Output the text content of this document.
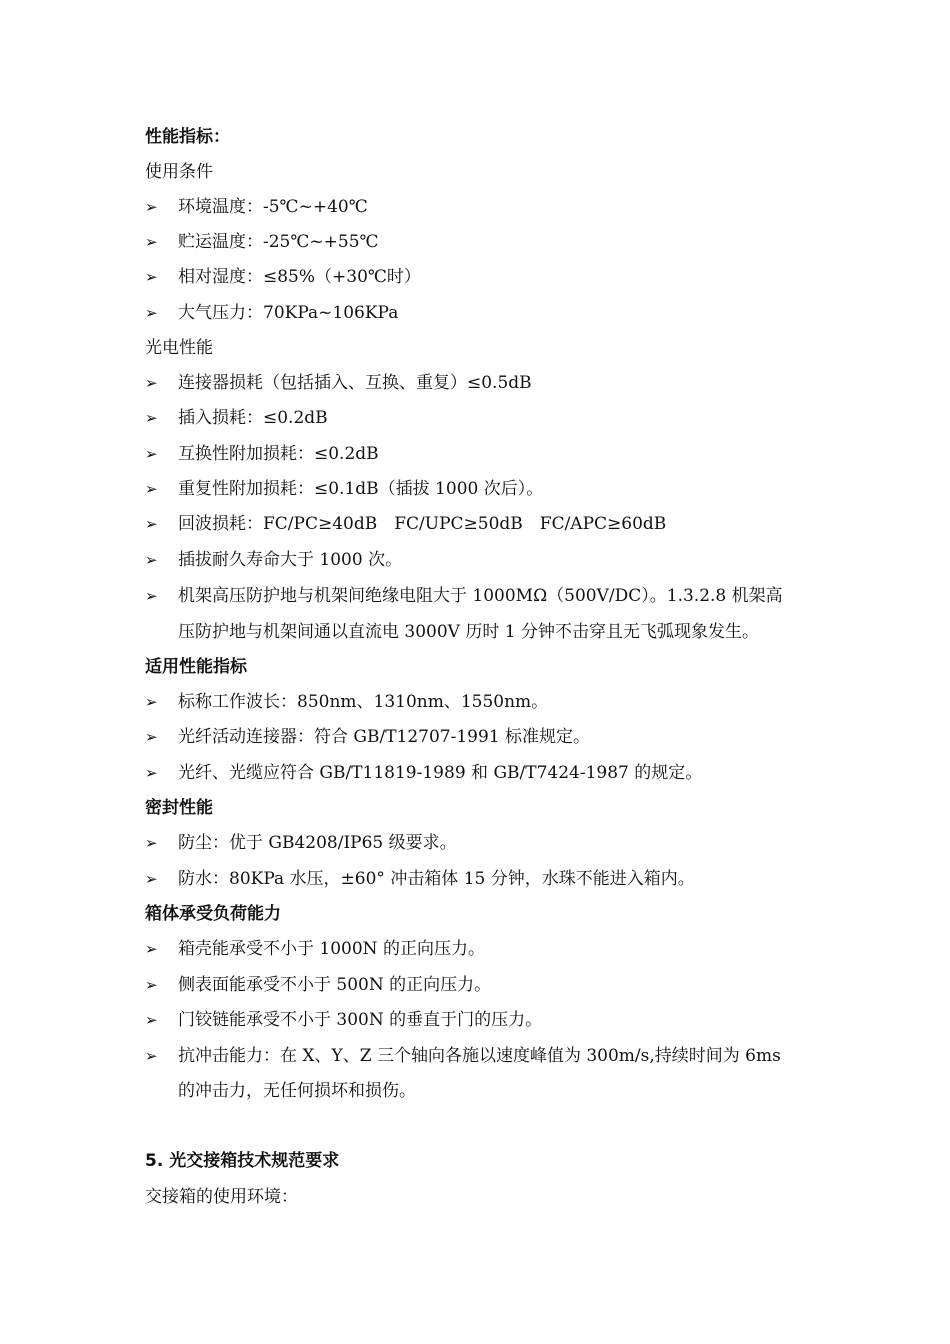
性能指标：
使用条件
➢ 环境温度：-5℃~+40℃
➢ 贮运温度：-25℃~+55℃
➢ 相对湿度：≤85%（+30℃时）
➢ 大气压力：70KPa~106KPa
光电性能
➢ 连接器损耗（包括插入、互换、重复）≤0.5dB
➢ 插入损耗：≤0.2dB
➢ 互换性附加损耗：≤0.2dB
➢ 重复性附加损耗：≤0.1dB（插拔 1000 次后）。
➢ 回波损耗：FC/PC≥40dB　FC/UPC≥50dB　FC/APC≥60dB
➢ 插拔耐久寿命大于 1000 次。
➢ 机架高压防护地与机架间绝缘电阻大于 1000MΩ（500V/DC）。1.3.2.8 机架高
压防护地与机架间通以直流电 3000V 历时 1 分钟不击穿且无飞弧现象发生。
适用性能指标
➢ 标称工作波长：850nm、1310nm、1550nm。
➢ 光纤活动连接器：符合 GB/T12707-1991 标准规定。
➢ 光纤、光缆应符合 GB/T11819-1989 和 GB/T7424-1987 的规定。
密封性能
➢ 防尘：优于 GB4208/IP65 级要求。
➢ 防水：80KPa 水压，±60° 冲击箱体 15 分钟，水珠不能进入箱内。
箱体承受负荷能力
➢ 箱壳能承受不小于 1000N 的正向压力。
➢ 侧表面能承受不小于 500N 的正向压力。
➢ 门铰链能承受不小于 300N 的垂直于门的压力。
➢ 抗冲击能力：在 X、Y、Z 三个轴向各施以速度峰值为 300m/s,持续时间为 6ms
的冲击力，无任何损坏和损伤。
5. 光交接箱技术规范要求
交接箱的使用环境：
